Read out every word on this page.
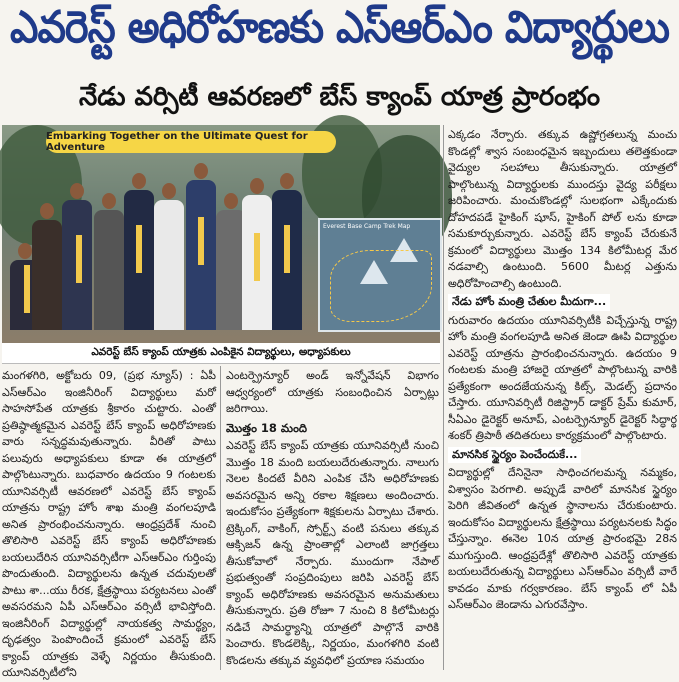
ఎవరెస్ట్ అధిరోహణకు ఎస్ఆర్ఎం విద్యార్థులు
నేడు వర్సిటీ ఆవరణలో బేస్ క్యాంప్ యాత్ర ప్రారంభం
Embarking Together on the Ultimate Quest for Adventure
Everest Base Camp Trek Map
ఎవరెస్ట్ బేస్ క్యాంప్ యాత్రకు ఎంపికైన విద్యార్థులు, అధ్యాపకులు

మంగళగిరి, అక్టోబరు 09, (ప్రభ న్యూస్) : ఏపీ ఎస్ఆర్ఎం ఇంజినీరింగ్ విద్యార్థులు మరో సాహసోపేత యాత్రకు శ్రీకారం చుట్టారు. ఎంతో ప్రతిష్ఠాత్మకమైన ఎవరెస్ట్ బేస్ క్యాంప్ అధిరోహణకు వారు సన్నద్ధమవుతున్నారు. వీరితో పాటు పలువురు అధ్యాపకులు కూడా ఈ యాత్రలో పాల్గొంటున్నారు. బుధవారం ఉదయం 9 గంటలకు యూనివర్సిటీ ఆవరణలో ఎవరెస్ట్ బేస్ క్యాంప్ యాత్రను రాష్ట్ర హోం శాఖ మంత్రి వంగలపూడి అనిత ప్రారంభించనున్నారు. ఆంధ్రప్రదేశ్ నుంచి తొలిసారి ఎవరెస్ట్ బేస్ క్యాంప్ అధిరోహణకు బయలుదేరిన యూనివర్సిటీగా ఎస్ఆర్ఎం గుర్తింపు పొందుతుంది. విద్యార్థులను ఉన్నత చదువులతో పాటు శా...యు రీరక, క్షేత్రస్థాయి పర్యటనలు ఎంతో అవసరమని ఏపీ ఎస్ఆర్ఎం వర్సిటీ భావిస్తోంది. ఇంజినీరింగ్ విద్యార్థుల్లో నాయకత్వ సామర్థ్యం, దృఢత్వం పెంపొందించే క్రమంలో ఎవరెస్ట్ బేస్ క్యాంప్ యాత్రకు వెళ్ళే నిర్ణయం తీసుకుంది. యూనివర్సిటీలోని

ఎంటర్ప్రెన్యూర్ అండ్ ఇన్నోవేషన్ విభాగం ఆధ్వర్యంలో యాత్రకు సంబంధించిన ఏర్పాట్లు జరిగాయి.

మొత్తం 18 మంది

ఎవరెస్ట్ బేస్ క్యాంప్ యాత్రకు యూనివర్సిటీ నుంచి మొత్తం 18 మంది బయలుదేరుతున్నారు. నాలుగు నెలల కిందటే వీరిని ఎంపిక చేసి అధిరోహణకు అవసరమైన అన్ని రకాల శిక్షణలు అందించారు. ఇందుకోసం ప్రత్యేకంగా శిక్షకులను ఏర్పాటు చేశారు. ట్రెక్కింగ్, వాకింగ్, స్పోర్ట్స్ వంటి పనులు తక్కువ ఆక్సిజన్ ఉన్న ప్రాంతాల్లో ఎలాంటి జాగ్రత్తలు తీసుకోవాలో నేర్పారు. ముందుగా నేపాల్ ప్రభుత్వంతో సంప్రదింపులు జరిపి ఎవరెస్ట్ బేస్ క్యాంప్ అధిరోహణకు అవసరమైన అనుమతులు తీసుకున్నారు. ప్రతి రోజూ 7 నుంచి 8 కిలోమీటర్లు నడిచే సామర్థ్యాన్ని యాత్రలో పాల్గొనే వారికి పెంచారు. కొండలెక్కి, నిర్ణయం, మంగళగిరి వంటి కొండలను తక్కువ వ్యవధిలో ప్రయాణ సమయం

ఎక్కడం నేర్పారు. తక్కువ ఉష్ణోగ్రతలున్న మంచు కొండల్లో శ్వాస సంబంధమైన ఇబ్బందులు తలెత్తకుండా వైద్యుల సలహాలు తీసుకున్నారు. యాత్రలో పాల్గొంటున్న విద్యార్థులకు ముందస్తు వైద్య పరీక్షలు జరిపించారు. మంచుకొండల్లో సులభంగా ఎక్కేందుకు దోహదపడే హైకింగ్ షూస్, హైకింగ్ పోల్ లను కూడా సమకూర్చుకున్నారు. ఎవరెస్ట్ బేస్ క్యాంప్ చేరుకునే క్రమంలో విద్యార్థులు మొత్తం 134 కిలోమీటర్ల మేర నడవాల్సి ఉంటుంది. 5600 మీటర్ల ఎత్తును అధిరోహించాల్సి ఉంటుంది.

నేడు హోం మంత్రి చేతుల మీదుగా...

గురువారం ఉదయం యూనివర్సిటీకి విచ్చేస్తున్న రాష్ట్ర హోం మంత్రి వంగలపూడి అనిత జెండా ఊపి విద్యార్థుల ఎవరెస్ట్ యాత్రను ప్రారంభించనున్నారు. ఉదయం 9 గంటలకు మంత్రి హాజరై యాత్రలో పాల్గొంటున్న వారికి ప్రత్యేకంగా అందజేయనున్న కిట్స్, మెడల్స్ ప్రదానం చేస్తారు. యూనివర్సిటీ రిజిస్ట్రార్ డాక్టర్ ప్రేమ్ కుమార్, సీఏఎం డైరెక్టర్ అనూప్, ఎంటర్ప్రెన్యూర్ డైరెక్టర్ సిద్ధార్థ శంకర్ త్రిపాఠీ తదితరులు కార్యక్రమంలో పాల్గొంటారు.

మానసిక స్థైర్యం పెంచేందుకే...

విద్యార్థుల్లో దేనినైనా సాధించగలమన్న నమ్మకం, విశ్వాసం పెరగాలి. అప్పుడే వారిలో మానసిక స్థైర్యం పెరిగి జీవితంలో ఉన్నత స్థానాలను చేరుకుంటారు. ఇందుకోసం విద్యార్థులను క్షేత్రస్థాయి పర్యటనలకు సిద్ధం చేస్తున్నాం. ఈనెల 10న యాత్ర ప్రారంభమై 28న ముగుస్తుంది. ఆంధ్రప్రదేశ్లో తొలిసారి ఎవరెస్ట్ యాత్రకు బయలుదేరుతున్న విద్యార్థులు ఎస్ఆర్ఎం వర్సిటీ వారే కావడం మాకు గర్వకారణం. బేస్ క్యాంప్ లో ఏపీ ఎస్ఆర్ఎం జెండాను ఎగురవేస్తాం.
